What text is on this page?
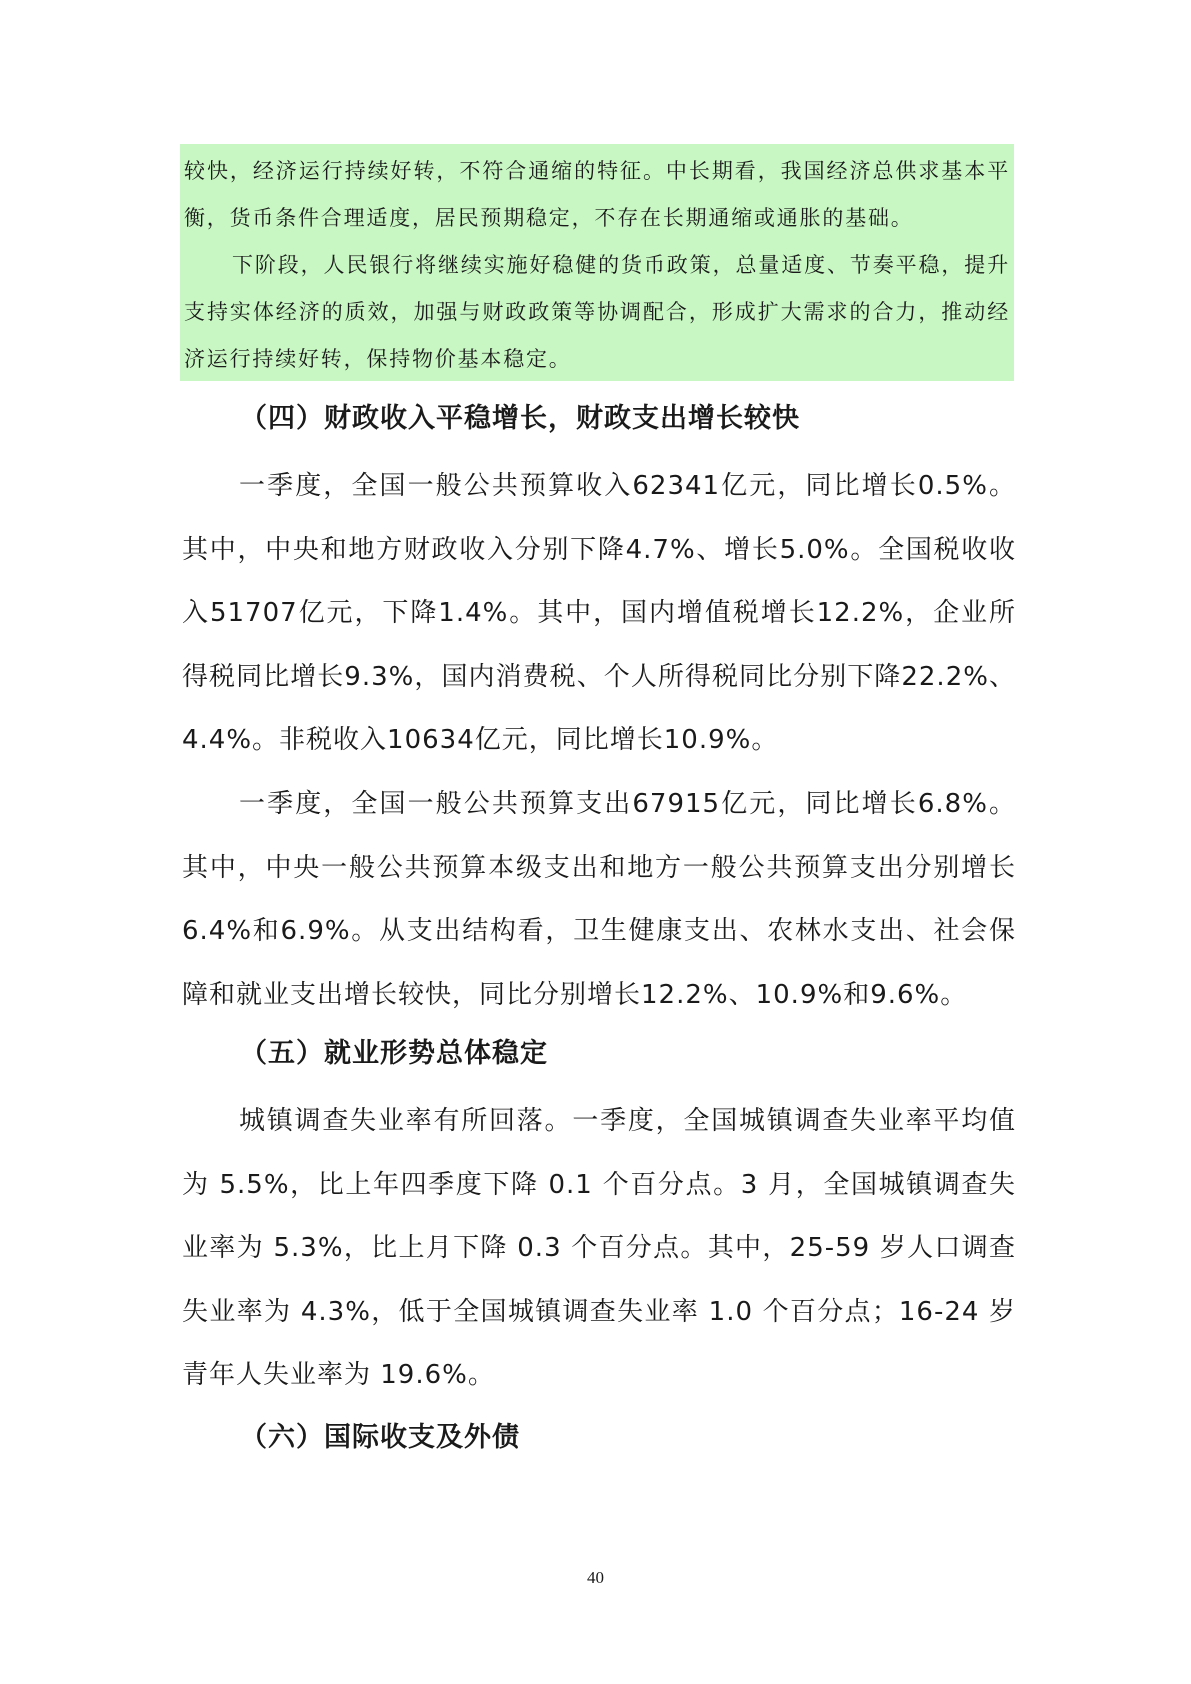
较快，经济运行持续好转，不符合通缩的特征。中长期看，我国经济总供求基本平衡，货币条件合理适度，居民预期稳定，不存在长期通缩或通胀的基础。

下阶段，人民银行将继续实施好稳健的货币政策，总量适度、节奏平稳，提升支持实体经济的质效，加强与财政政策等协调配合，形成扩大需求的合力，推动经济运行持续好转，保持物价基本稳定。

（四）财政收入平稳增长，财政支出增长较快

一季度，全国一般公共预算收入62341亿元，同比增长0.5%。其中，中央和地方财政收入分别下降4.7%、增长5.0%。全国税收收入51707亿元，下降1.4%。其中，国内增值税增长12.2%，企业所得税同比增长9.3%，国内消费税、个人所得税同比分别下降22.2%、4.4%。非税收入10634亿元，同比增长10.9%。

一季度，全国一般公共预算支出67915亿元，同比增长6.8%。其中，中央一般公共预算本级支出和地方一般公共预算支出分别增长6.4%和6.9%。从支出结构看，卫生健康支出、农林水支出、社会保障和就业支出增长较快，同比分别增长12.2%、10.9%和9.6%。

（五）就业形势总体稳定

城镇调查失业率有所回落。一季度，全国城镇调查失业率平均值为 5.5%，比上年四季度下降 0.1 个百分点。3 月，全国城镇调查失业率为 5.3%，比上月下降 0.3 个百分点。其中，25-59 岁人口调查失业率为 4.3%，低于全国城镇调查失业率 1.0 个百分点；16-24 岁青年人失业率为 19.6%。

（六）国际收支及外债

40
